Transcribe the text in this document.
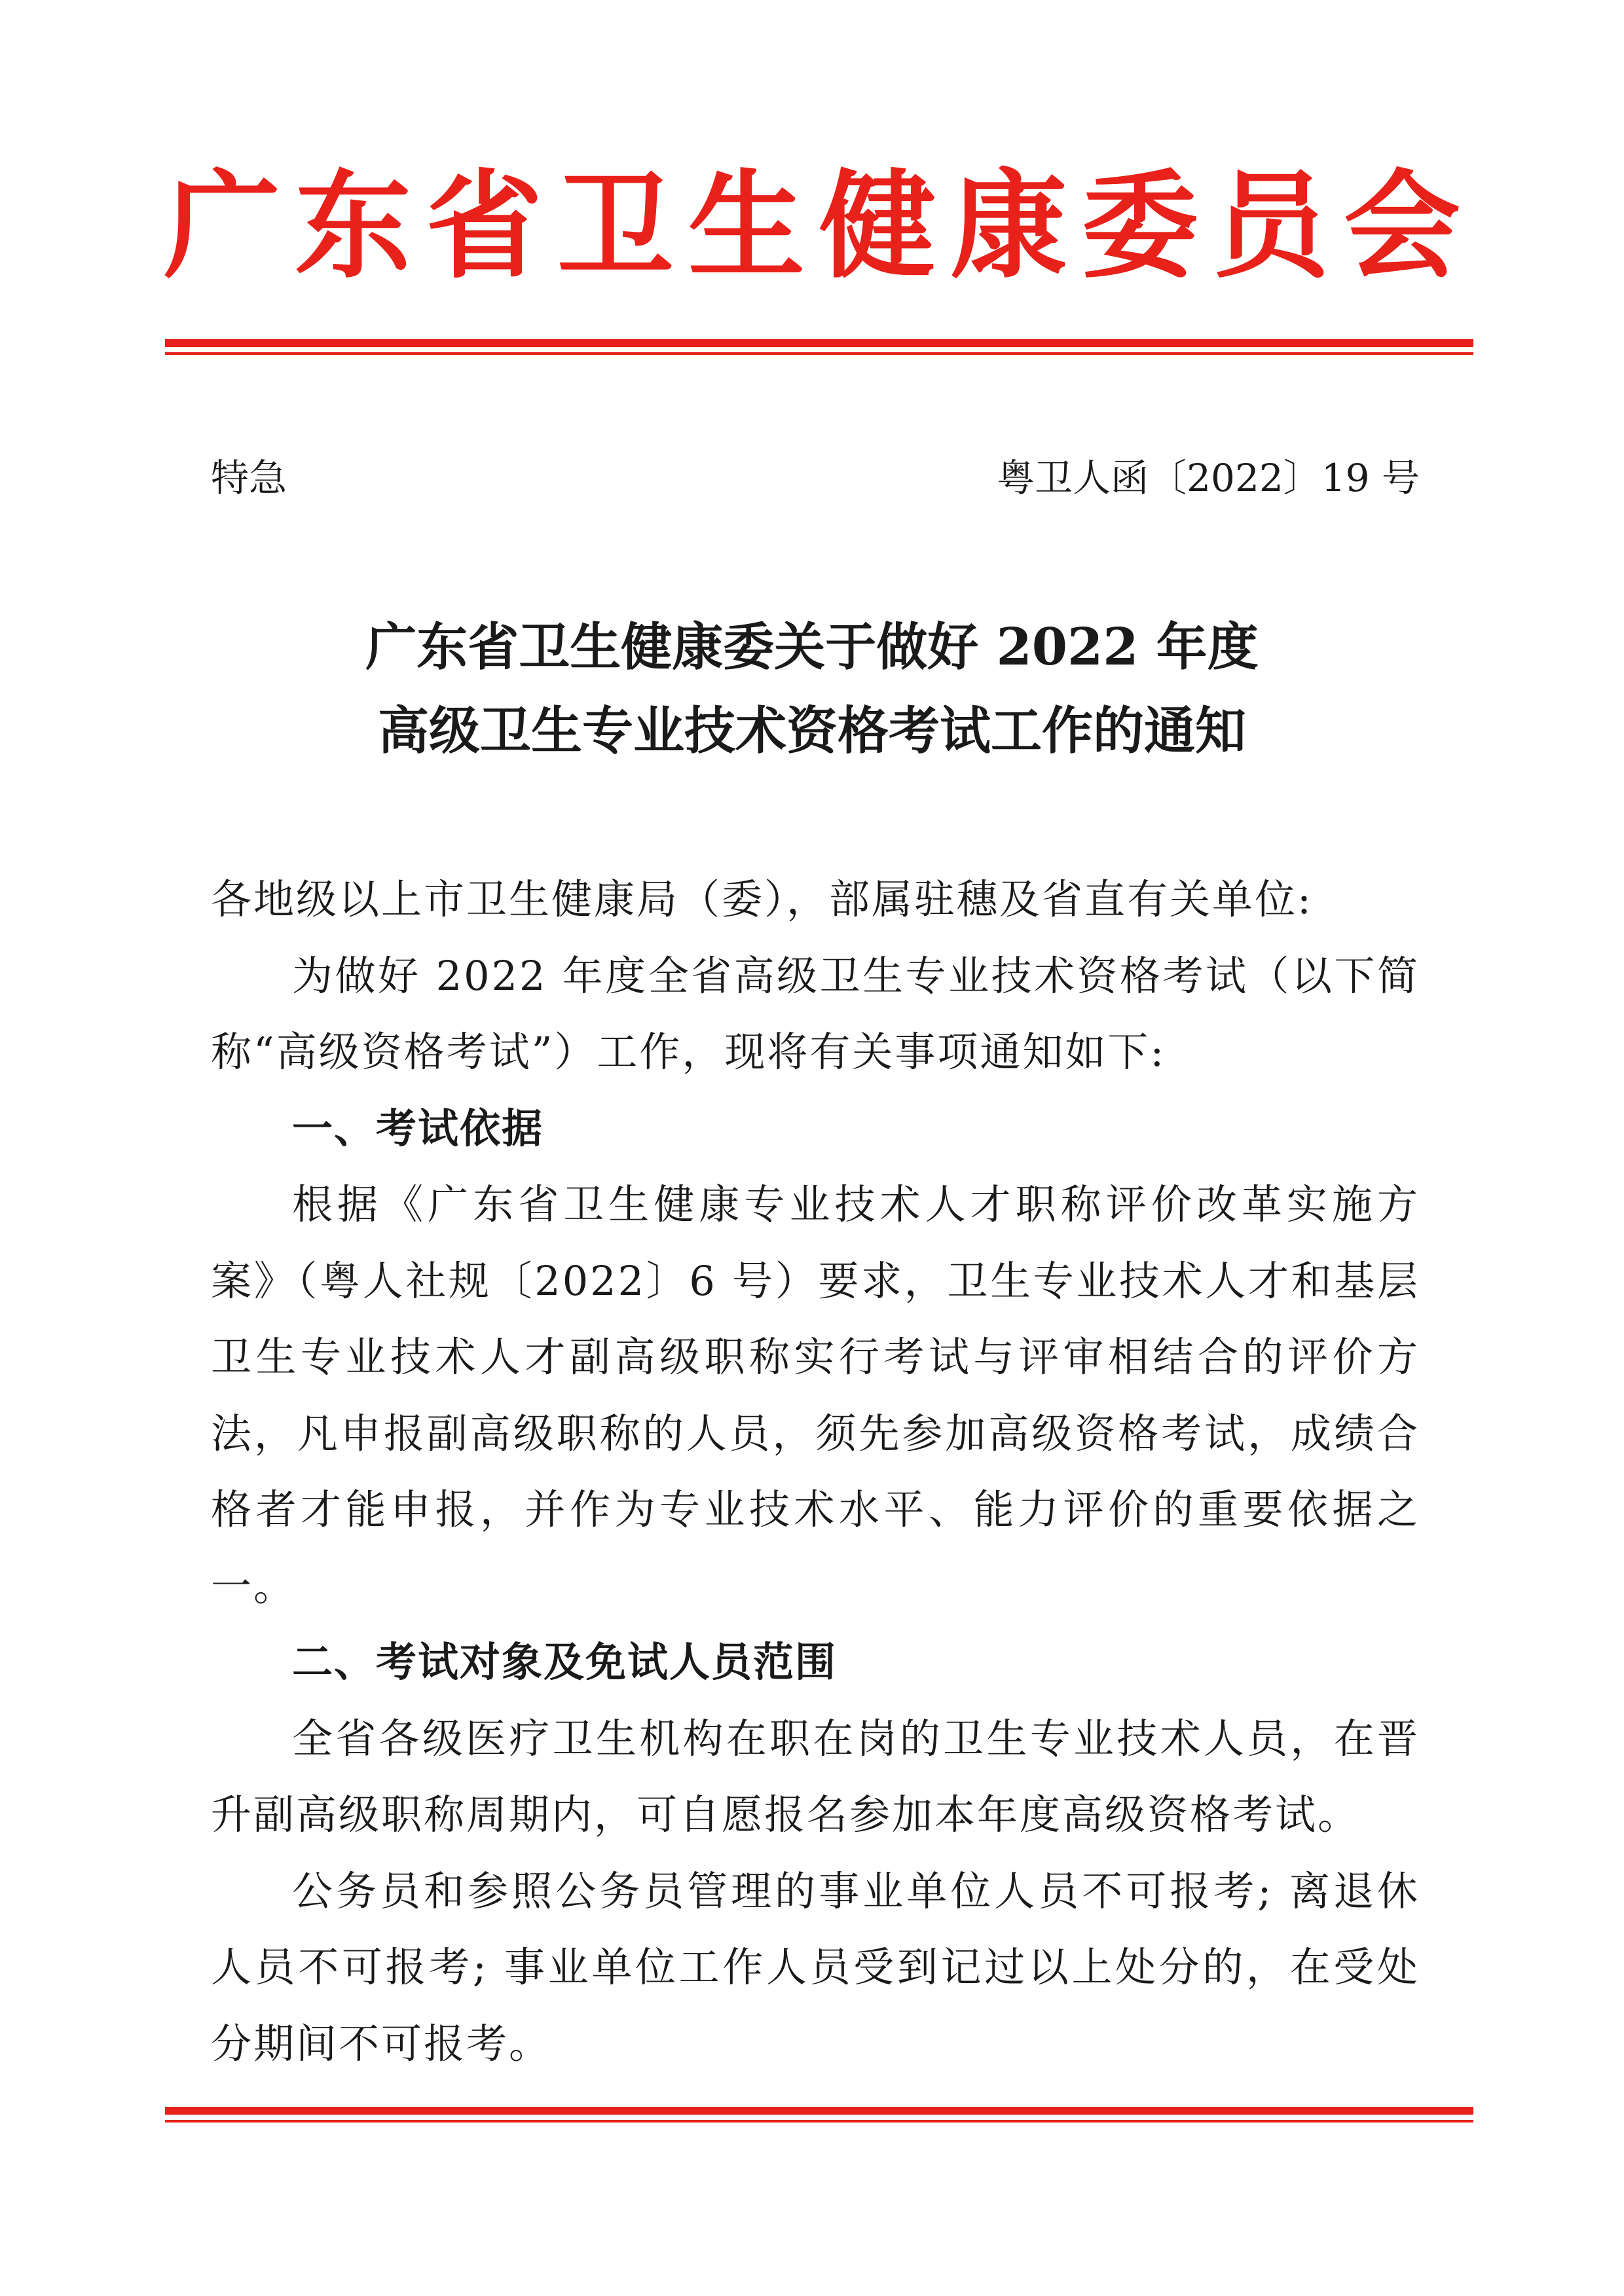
广 东 省 卫 生 健 康 委 员 会
特急	粤卫人函〔2022〕19 号
广东省卫生健康委关于做好 2022 年度
高级卫生专业技术资格考试工作的通知

各地级以上市卫生健康局（委），部属驻穗及省直有关单位:

为做好 2022 年度全省高级卫生专业技术资格考试（以下简称“高级资格考试”）工作，现将有关事项通知如下:

一、考试依据

根据《广东省卫生健康专业技术人才职称评价改革实施方案》（粤人社规〔2022〕6 号）要求，卫生专业技术人才和基层卫生专业技术人才副高级职称实行考试与评审相结合的评价方法，凡申报副高级职称的人员，须先参加高级资格考试，成绩合格者才能申报，并作为专业技术水平、能力评价的重要依据之一。

二、考试对象及免试人员范围

全省各级医疗卫生机构在职在岗的卫生专业技术人员，在晋升副高级职称周期内，可自愿报名参加本年度高级资格考试。

公务员和参照公务员管理的事业单位人员不可报考; 离退休人员不可报考; 事业单位工作人员受到记过以上处分的，在受处分期间不可报考。
